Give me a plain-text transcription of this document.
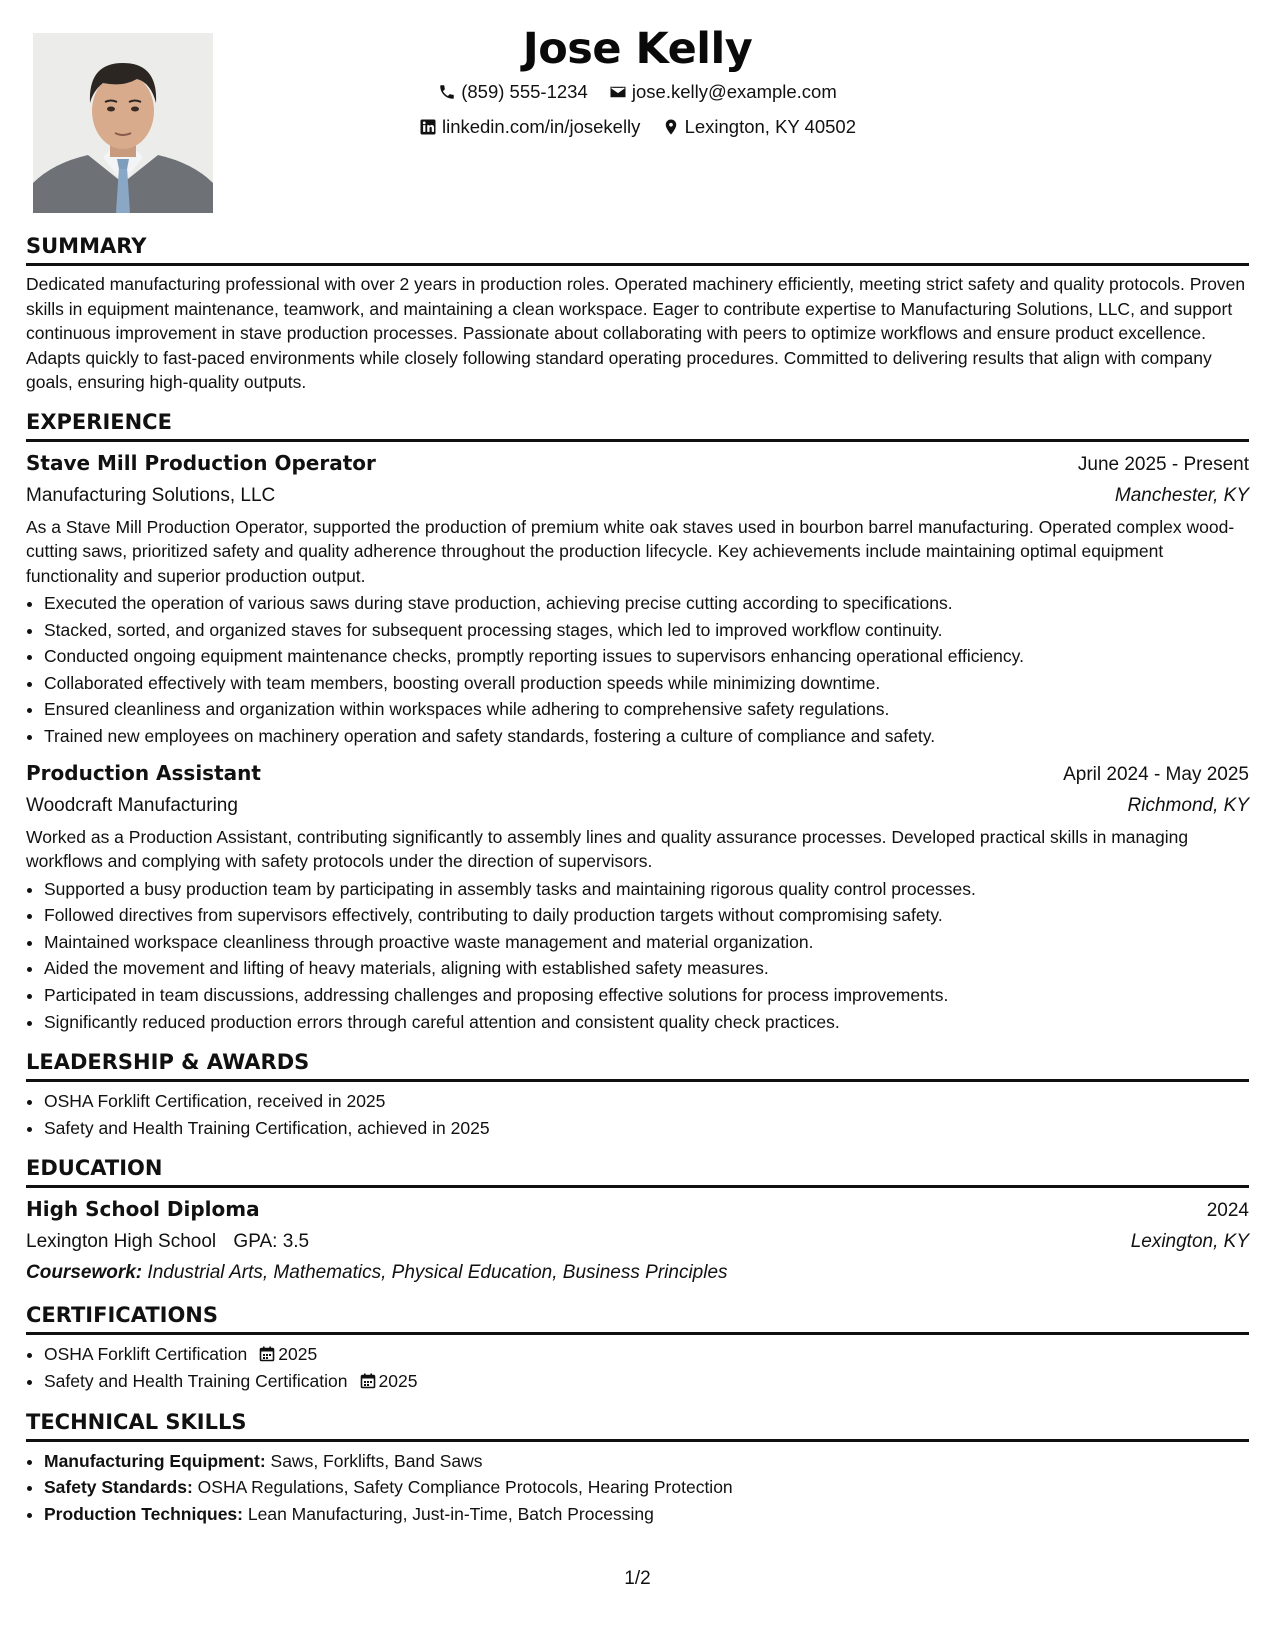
Jose Kelly
(859) 555-1234
jose.kelly@example.com
linkedin.com/in/josekelly
Lexington, KY 40502
SUMMARY

Dedicated manufacturing professional with over 2 years in production roles. Operated machinery efficiently, meeting strict safety and quality protocols. Proven skills in equipment maintenance, teamwork, and maintaining a clean workspace. Eager to contribute expertise to Manufacturing Solutions, LLC, and support continuous improvement in stave production processes. Passionate about collaborating with peers to optimize workflows and ensure product excellence. Adapts quickly to fast-paced environments while closely following standard operating procedures. Committed to delivering results that align with company goals, ensuring high-quality outputs.

EXPERIENCE
Stave Mill Production Operator	June 2025 - Present
Manufacturing Solutions, LLC	Manchester, KY

As a Stave Mill Production Operator, supported the production of premium white oak staves used in bourbon barrel manufacturing. Operated complex wood-cutting saws, prioritized safety and quality adherence throughout the production lifecycle. Key achievements include maintaining optimal equipment functionality and superior production output.

• Executed the operation of various saws during stave production, achieving precise cutting according to specifications.
• Stacked, sorted, and organized staves for subsequent processing stages, which led to improved workflow continuity.
• Conducted ongoing equipment maintenance checks, promptly reporting issues to supervisors enhancing operational efficiency.
• Collaborated effectively with team members, boosting overall production speeds while minimizing downtime.
• Ensured cleanliness and organization within workspaces while adhering to comprehensive safety regulations.
• Trained new employees on machinery operation and safety standards, fostering a culture of compliance and safety.
Production Assistant	April 2024 - May 2025
Woodcraft Manufacturing	Richmond, KY

Worked as a Production Assistant, contributing significantly to assembly lines and quality assurance processes. Developed practical skills in managing workflows and complying with safety protocols under the direction of supervisors.

• Supported a busy production team by participating in assembly tasks and maintaining rigorous quality control processes.
• Followed directives from supervisors effectively, contributing to daily production targets without compromising safety.
• Maintained workspace cleanliness through proactive waste management and material organization.
• Aided the movement and lifting of heavy materials, aligning with established safety measures.
• Participated in team discussions, addressing challenges and proposing effective solutions for process improvements.
• Significantly reduced production errors through careful attention and consistent quality check practices.
LEADERSHIP & AWARDS
• OSHA Forklift Certification, received in 2025
• Safety and Health Training Certification, achieved in 2025
EDUCATION
High School Diploma	2024
Lexington High School GPA: 3.5	Lexington, KY
Coursework: Industrial Arts, Mathematics, Physical Education, Business Principles
CERTIFICATIONS
• OSHA Forklift Certification 2025
• Safety and Health Training Certification 2025
TECHNICAL SKILLS
• Manufacturing Equipment: Saws, Forklifts, Band Saws
• Safety Standards: OSHA Regulations, Safety Compliance Protocols, Hearing Protection
• Production Techniques: Lean Manufacturing, Just-in-Time, Batch Processing
1/2
